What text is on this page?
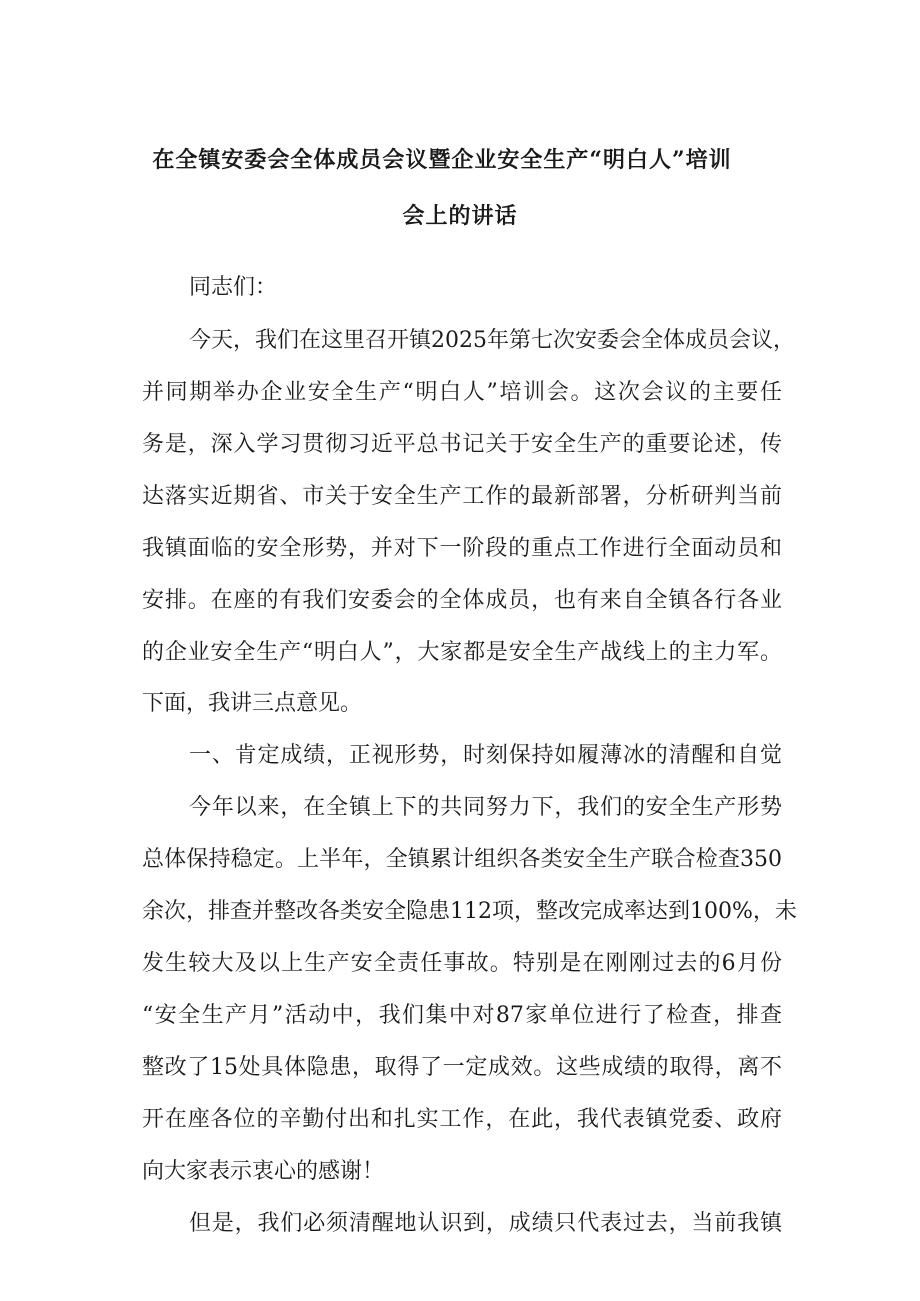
在全镇安委会全体成员会议暨企业安全生产“明白人”培训
会上的讲话
同志们：
今天，我们在这里召开镇2025年第七次安委会全体成员会议，
并同期举办企业安全生产“明白人”培训会。这次会议的主要任
务是，深入学习贯彻习近平总书记关于安全生产的重要论述，传
达落实近期省、市关于安全生产工作的最新部署，分析研判当前
我镇面临的安全形势，并对下一阶段的重点工作进行全面动员和
安排。在座的有我们安委会的全体成员，也有来自全镇各行各业
的企业安全生产“明白人”，大家都是安全生产战线上的主力军。
下面，我讲三点意见。
一、肯定成绩，正视形势，时刻保持如履薄冰的清醒和自觉
今年以来，在全镇上下的共同努力下，我们的安全生产形势
总体保持稳定。上半年，全镇累计组织各类安全生产联合检查350
余次，排查并整改各类安全隐患112项，整改完成率达到100%，未
发生较大及以上生产安全责任事故。特别是在刚刚过去的6月份
“安全生产月”活动中，我们集中对87家单位进行了检查，排查
整改了15处具体隐患，取得了一定成效。这些成绩的取得，离不
开在座各位的辛勤付出和扎实工作，在此，我代表镇党委、政府
向大家表示衷心的感谢！
但是，我们必须清醒地认识到，成绩只代表过去，当前我镇
